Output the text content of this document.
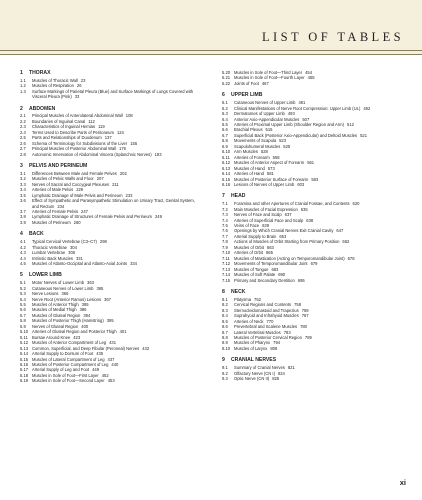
LIST OF TABLES
1	THORAX
1.1	Muscles of Thoracic Wall 23
1.2	Muscles of Respiration 26
1.3	Surface Markings of Parietal Pleura (Blue) and Surface Markings of Lungs Covered with Visceral Pleura (Pink) 33
2	ABDOMEN
2.1	Principal Muscles of Anterolateral Abdominal Wall 108
2.2	Boundaries of Inguinal Canal 112
2.3	Characteristics of Inguinal Hernias 119
2.4	Terms Used to Describe Parts of Peritoneum 124
2.5	Parts and Relationships of Duodenum 137
2.6	Schema of Terminology for Subdivisions of the Liver 155
2.7	Principal Muscles of Posterior Abdominal Wall 176
2.8	Autonomic Innervation of Abdominal Viscera (Splanchnic Nerves) 183
3	PELVIS AND PERINEUM
3.1	Differences Between Male and Female Pelves 202
3.2	Muscles of Pelvic Walls and Floor 207
3.3	Nerves of Sacral and Coccygeal Plexuses 211
3.4	Arteries of Male Pelvis 229
3.5	Lymphatic Drainage of Male Pelvis and Perineum 233
3.6	Effect of Sympathetic and Parasympathetic Stimulation on Urinary Tract, Genital System, and Rectum 234
3.7	Arteries of Female Pelvis 247
3.8	Lymphatic Drainage of Structures of Female Pelvis and Perineum 249
3.9	Muscles of Perineum 260
4	BACK
4.1	Typical Cervical Vertebrae (C3–C7) 298
4.2	Thoracic Vertebrae 304
4.3	Lumbar Vertebrae 306
4.4	Intrinsic Back Muscles 331
4.5	Muscles of Atlanto-Occipital and Atlanto-Axial Joints 334
5	LOWER LIMB
5.1	Motor Nerves of Lower Limb 363
5.2	Cutaneous Nerves of Lower Limb 365
5.3	Nerve Lesions 366
5.4	Nerve Root (Anterior Ramus) Lesions 367
5.5	Muscles of Anterior Thigh 385
5.6	Muscles of Medial Thigh 386
5.7	Muscles of Gluteal Region 394
5.8	Muscles of Posterior Thigh (Hamstring) 395
5.9	Nerves of Gluteal Region 400
5.10 Arteries of Gluteal Region and Posterior Thigh 401
5.11	Bursae Around Knee 423
5.12 Muscles of Anterior Compartment of Leg 431
5.13 Common, Superficial, and Deep Fibular (Peroneal) Nerves 432
5.14 Arterial Supply to Dorsum of Foot 435
5.15 Muscles of Lateral Compartment of Leg 437
5.16 Muscles of Posterior Compartment of Leg 440
5.17 Arterial Supply of Leg and Foot 449
5.18 Muscles in Sole of Foot—First Layer 452
5.19 Muscles in Sole of Foot—Second Layer 453
5.20 Muscles in Sole of Foot—Third Layer 454
5.21 Muscles in Sole of Foot—Fourth Layer 455
5.22 Joints of Foot 467
6	UPPER LIMB
6.1	Cutaneous Nerves of Upper Limb 491
6.2	Clinical Manifestations of Nerve Root Compression: Upper Limb (UL) 492
6.3	Dermatomes of Upper Limb 493
6.4	Anterior Axio-Appendicular Muscles 507
6.5	Arteries of Proximal Upper Limb (Shoulder Region and Arm) 512
6.6	Brachial Plexus 515
6.7	Superficial Back (Posterior Axio-Appendicular) and Deltoid Muscles 521
6.8	Movements of Scapula 523
6.9	Scapulohumeral Muscles 525
6.10 Arm Muscles 528
6.11	Arteries of Forearm 558
6.12 Muscles of Anterior Aspect of Forearm 561
6.13 Muscles of Hand 573
6.14 Arteries of Hand 581
6.15 Muscles of Posterior Surface of Forearm 583
6.16 Lesions of Nerves of Upper Limb 603
7	HEAD
7.1	Foramina and other Apertures of Cranial Fossae, and Contents 620
7.2	Main Muscles of Facial Expression 635
7.3	Nerves of Face and Scalp 637
7.4	Arteries of Superficial Face and Scalp 638
7.5	Veins of Face 639
7.6	Openings by Which Cranial Nerves Exit Cranial Cavity 647
7.7	Arterial Supply to Brain 653
7.8	Actions of Muscles of Orbit Starting from Primary Position 662
7.9	Muscles of Orbit 663
7.10 Arteries of Orbit 665
7.11	Muscles of Mastication (Acting on Temporomandibular Joint) 678
7.12 Movements of Temporomandibular Joint 679
7.13 Muscles of Tongue 683
7.14 Muscles of Soft Palate 690
7.15 Primary and Secondary Dentition 695
8	NECK
8.1	Platysma 752
8.2	Cervical Regions and Contents 758
8.3	Sternocleidomastoid and Trapezius 759
8.4	Suprahyoid and Infrahyoid Muscles 767
8.5	Arteries of Neck 770
8.6	Prevertebral and Scalene Muscles 780
8.7	Lateral Vertebral Muscles 783
8.8	Muscles of Posterior Cervical Region 789
8.9	Muscles of Pharynx 794
8.10 Muscles of Larynx 808
9	CRANIAL NERVES
9.1	Summary of Cranial Nerves 821
9.2	Olfactory Nerve (CN I) 824
9.3	Optic Nerve (CN II) 825
xi
